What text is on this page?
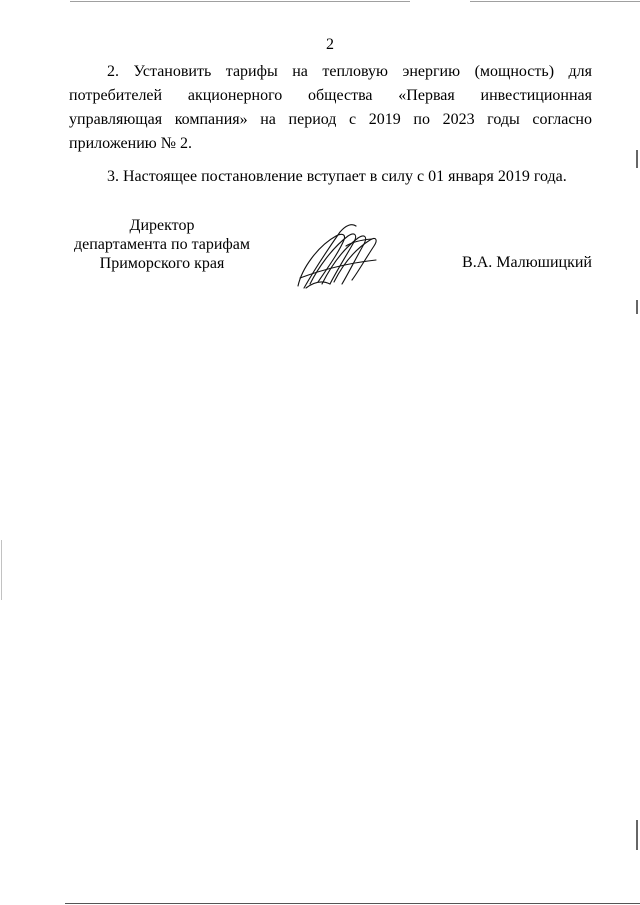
2

2. Установить тарифы на тепловую энергию (мощность) для потребителей акционерного общества «Первая инвестиционная управляющая компания» на период с 2019 по 2023 годы согласно приложению № 2.

3. Настоящее постановление вступает в силу с 01 января 2019 года.

Директор
департамента по тарифам
Приморского края	В.А. Малюшицкий
